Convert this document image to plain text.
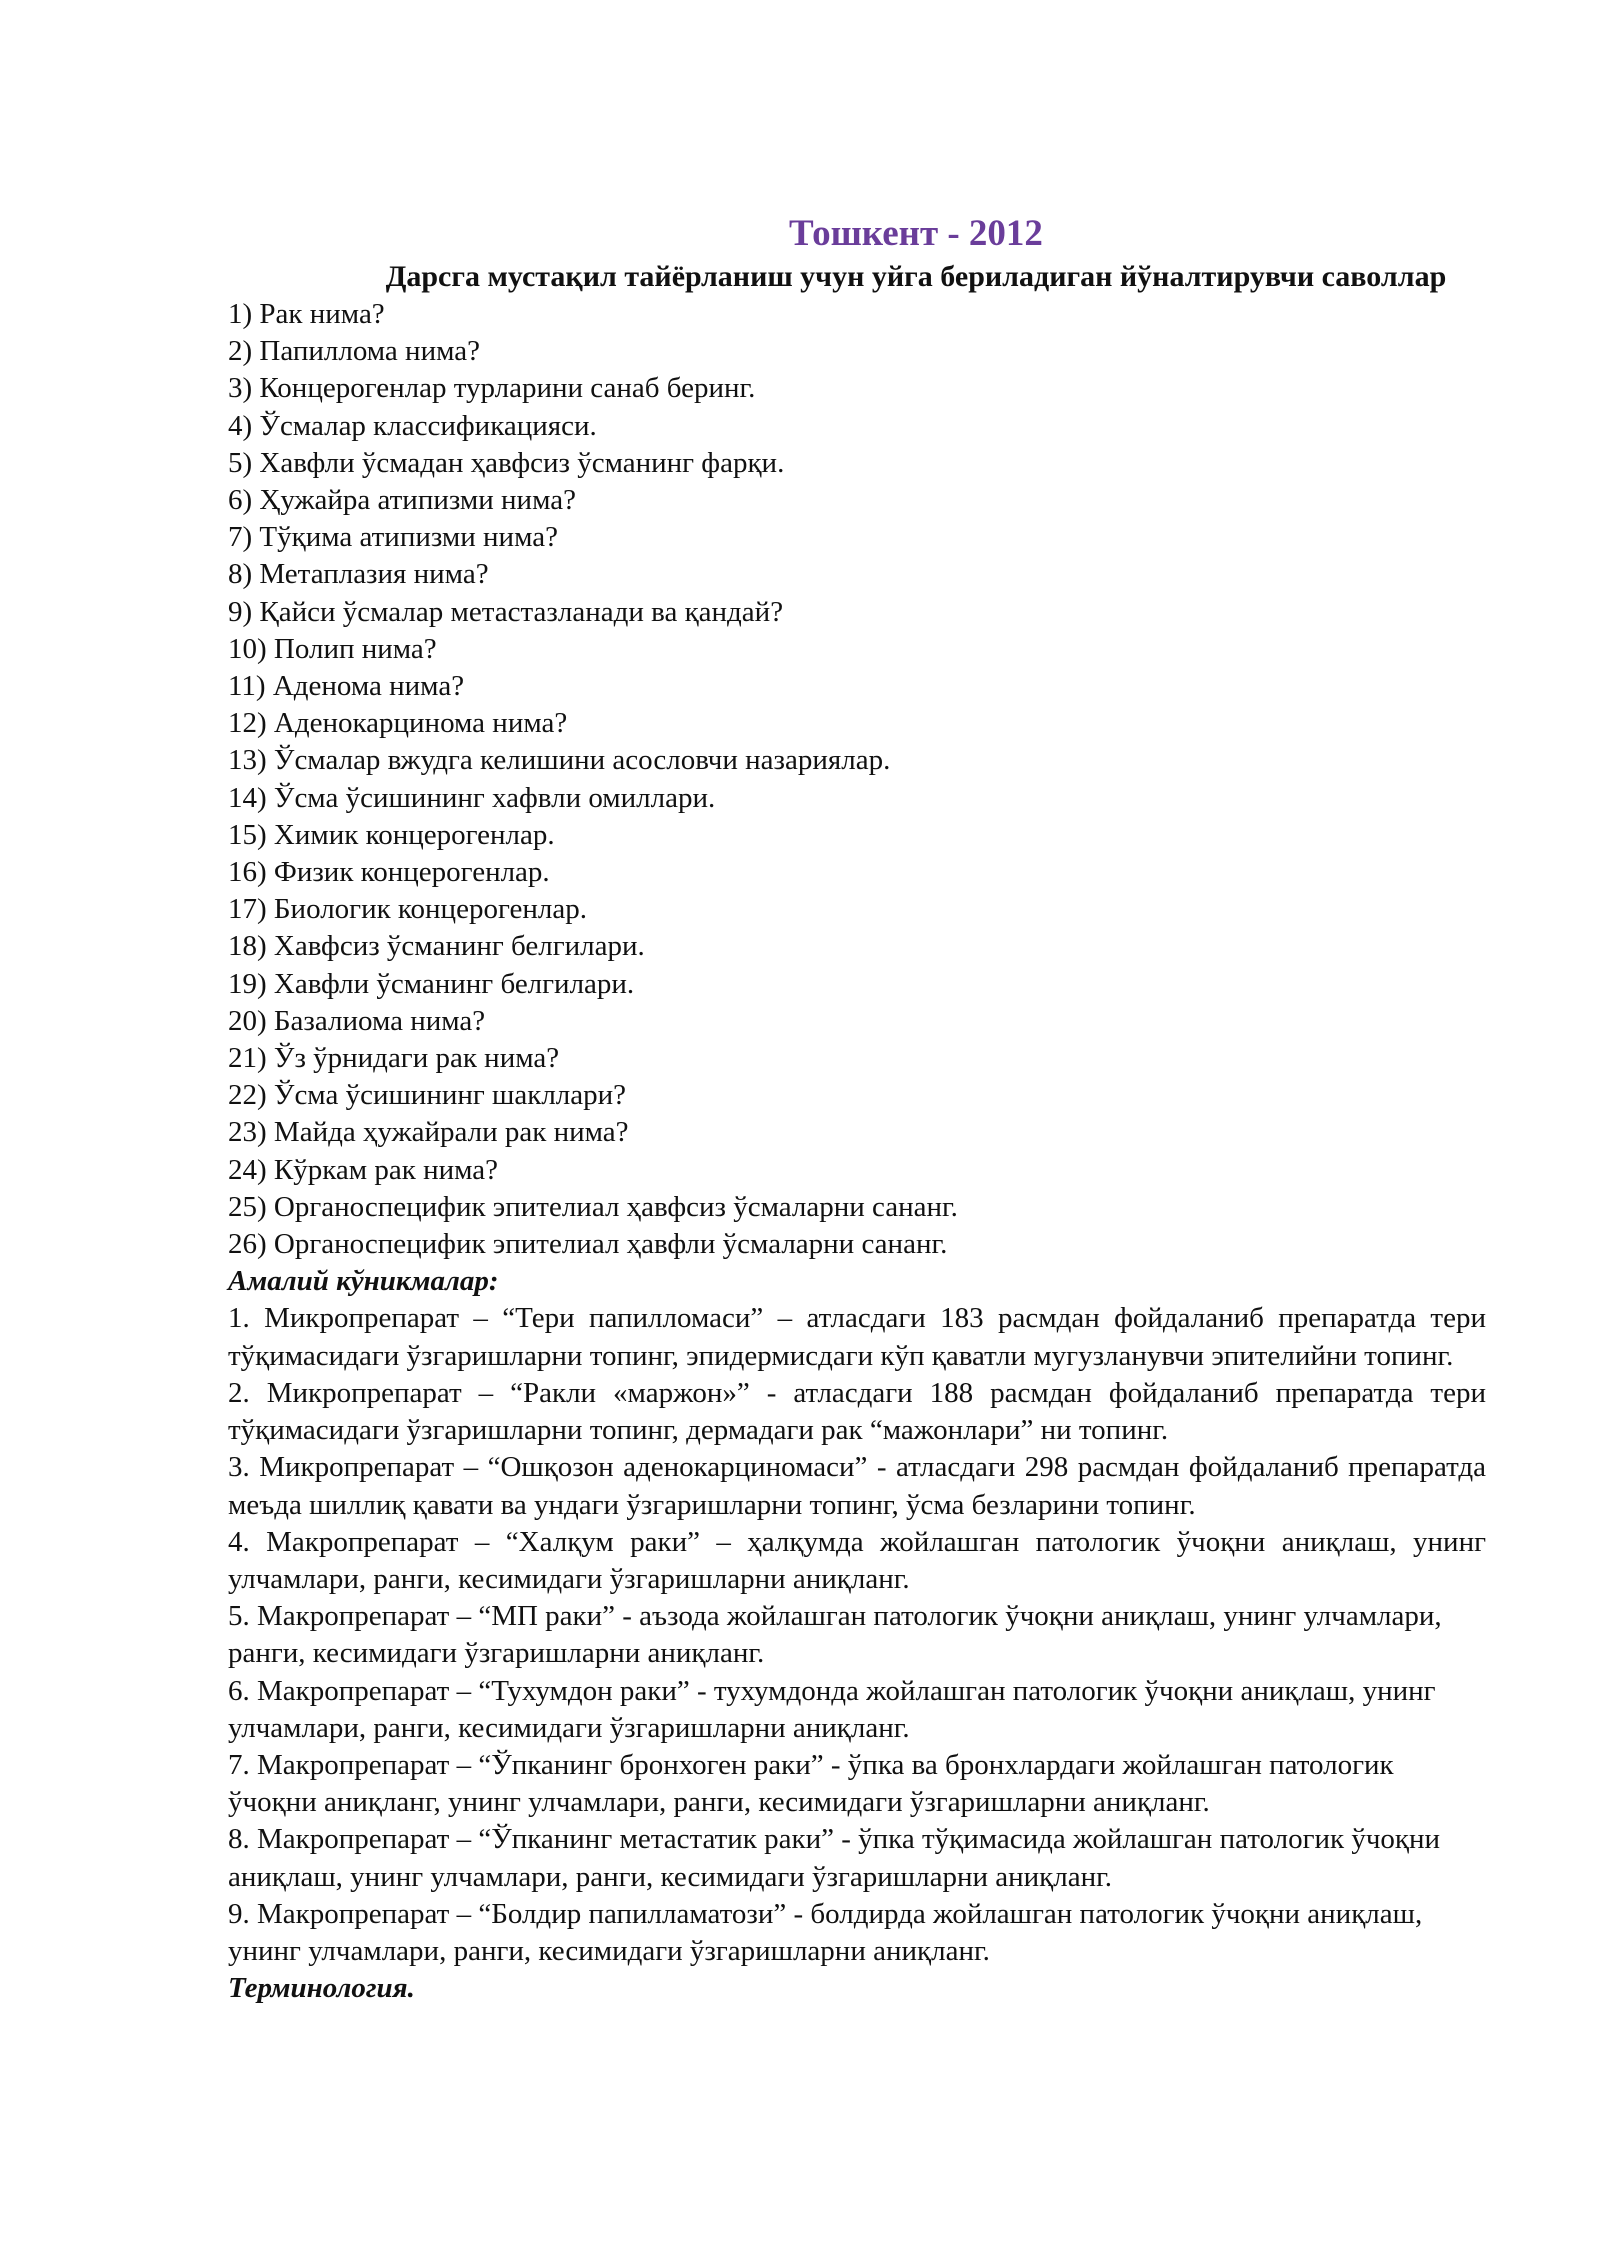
Тошкент - 2012
Дарсга мустақил тайёрланиш учун уйга бериладиган йўналтирувчи саволлар

1) Рак нима?

2) Папиллома нима?

3) Концерогенлар турларини санаб беринг.

4) Ўсмалар классификацияси.

5) Хавфли ўсмадан ҳавфсиз ўсманинг фарқи.

6) Ҳужайра атипизми нима?

7) Тўқима атипизми нима?

8) Метаплазия нима?

9) Қайси ўсмалар метастазланади ва қандай?

10) Полип нима?

11) Аденома нима?

12) Аденокарцинома нима?

13) Ўсмалар вжудга келишини асословчи назариялар.

14) Ўсма ўсишининг хафвли омиллари.

15) Химик концерогенлар.

16) Физик концерогенлар.

17) Биологик концерогенлар.

18) Хавфсиз ўсманинг белгилари.

19) Хавфли ўсманинг белгилари.

20) Базалиома нима?

21) Ўз ўрнидаги рак нима?

22) Ўсма ўсишининг шакллари?

23) Майда ҳужайрали рак нима?

24) Кўркам рак нима?

25) Органоспецифик эпителиал ҳавфсиз ўсмаларни сананг.

26) Органоспецифик эпителиал ҳавфли ўсмаларни сананг.

Амалий кўникмалар:

1. Микропрепарат – “Тери папилломаси” – атласдаги 183 расмдан фойдаланиб препаратда тери тўқимасидаги ўзгаришларни топинг, эпидермисдаги кўп қаватли мугузланувчи эпителийни топинг.

2. Микропрепарат – “Ракли «маржон»” - атласдаги 188 расмдан фойдаланиб препаратда тери тўқимасидаги ўзгаришларни топинг, дермадаги рак “мажонлари” ни топинг.

3. Микропрепарат – “Ошқозон аденокарциномаси” - атласдаги 298 расмдан фойдаланиб препаратда меъда шиллиқ қавати ва ундаги ўзгаришларни топинг, ўсма безларини топинг.

4. Макропрепарат – “Халқум раки” – ҳалқумда жойлашган патологик ўчоқни аниқлаш, унинг улчамлари, ранги, кесимидаги ўзгаришларни аниқланг.

5. Макропрепарат – “МП раки” - аъзода жойлашган патологик ўчоқни аниқлаш, унинг улчамлари, ранги, кесимидаги ўзгаришларни аниқланг.

6. Макропрепарат – “Тухумдон раки” - тухумдонда жойлашган патологик ўчоқни аниқлаш, унинг улчамлари, ранги, кесимидаги ўзгаришларни аниқланг.

7. Макропрепарат – “Ўпканинг бронхоген раки” - ўпка ва бронхлардаги жойлашган патологик ўчоқни аниқланг, унинг улчамлари, ранги, кесимидаги ўзгаришларни аниқланг.

8. Макропрепарат – “Ўпканинг метастатик раки” - ўпка тўқимасида жойлашган патологик ўчоқни аниқлаш, унинг улчамлари, ранги, кесимидаги ўзгаришларни аниқланг.

9. Макропрепарат – “Болдир папилламатози” - болдирда жойлашган патологик ўчоқни аниқлаш, унинг улчамлари, ранги, кесимидаги ўзгаришларни аниқланг.

Терминология.
